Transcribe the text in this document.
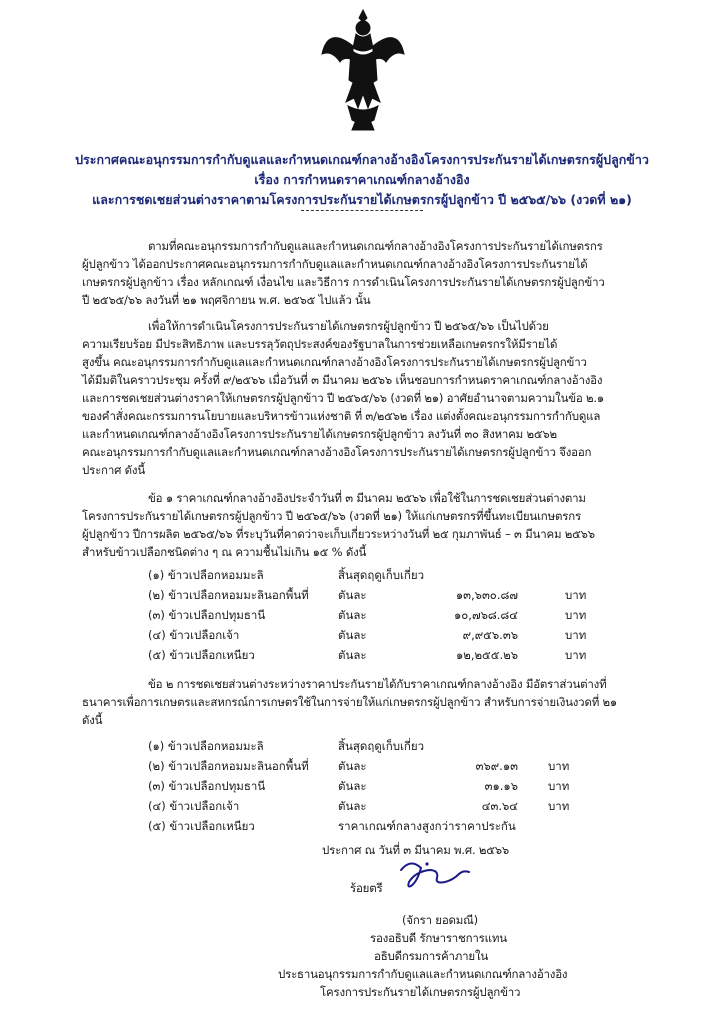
ประกาศคณะอนุกรรมการกำกับดูแลและกำหนดเกณฑ์กลางอ้างอิงโครงการประกันรายได้เกษตรกรผู้ปลูกข้าว
เรื่อง การกำหนดราคาเกณฑ์กลางอ้างอิง
และการชดเชยส่วนต่างราคาตามโครงการประกันรายได้เกษตรกรผู้ปลูกข้าว ปี ๒๕๖๕/๖๖ (งวดที่ ๒๑)
ตามที่คณะอนุกรรมการกำกับดูแลและกำหนดเกณฑ์กลางอ้างอิงโครงการประกันรายได้เกษตรกร
ผู้ปลูกข้าว ได้ออกประกาศคณะอนุกรรมการกำกับดูแลและกำหนดเกณฑ์กลางอ้างอิงโครงการประกันรายได้
เกษตรกรผู้ปลูกข้าว เรื่อง หลักเกณฑ์ เงื่อนไข และวิธีการ การดำเนินโครงการประกันรายได้เกษตรกรผู้ปลูกข้าว
ปี ๒๕๖๕/๖๖ ลงวันที่ ๒๑ พฤศจิกายน พ.ศ. ๒๕๖๕ ไปแล้ว นั้น
เพื่อให้การดำเนินโครงการประกันรายได้เกษตรกรผู้ปลูกข้าว ปี ๒๕๖๕/๖๖ เป็นไปด้วย
ความเรียบร้อย มีประสิทธิภาพ และบรรลุวัตถุประสงค์ของรัฐบาลในการช่วยเหลือเกษตรกรให้มีรายได้
สูงขึ้น คณะอนุกรรมการกำกับดูแลและกำหนดเกณฑ์กลางอ้างอิงโครงการประกันรายได้เกษตรกรผู้ปลูกข้าว
ได้มีมติในคราวประชุม ครั้งที่ ๙/๒๕๖๖ เมื่อวันที่ ๓ มีนาคม ๒๕๖๖ เห็นชอบการกำหนดราคาเกณฑ์กลางอ้างอิง
และการชดเชยส่วนต่างราคาให้เกษตรกรผู้ปลูกข้าว ปี ๒๕๖๕/๖๖ (งวดที่ ๒๑) อาศัยอำนาจตามความในข้อ ๒.๑
ของคำสั่งคณะกรรมการนโยบายและบริหารข้าวแห่งชาติ ที่ ๓/๒๕๖๒ เรื่อง แต่งตั้งคณะอนุกรรมการกำกับดูแล
และกำหนดเกณฑ์กลางอ้างอิงโครงการประกันรายได้เกษตรกรผู้ปลูกข้าว ลงวันที่ ๓๐ สิงหาคม ๒๕๖๒
คณะอนุกรรมการกำกับดูแลและกำหนดเกณฑ์กลางอ้างอิงโครงการประกันรายได้เกษตรกรผู้ปลูกข้าว จึงออก
ประกาศ ดังนี้
ข้อ ๑ ราคาเกณฑ์กลางอ้างอิงประจำวันที่ ๓ มีนาคม ๒๕๖๖ เพื่อใช้ในการชดเชยส่วนต่างตาม
โครงการประกันรายได้เกษตรกรผู้ปลูกข้าว ปี ๒๕๖๕/๖๖ (งวดที่ ๒๑) ให้แก่เกษตรกรที่ขึ้นทะเบียนเกษตรกร
ผู้ปลูกข้าว ปีการผลิต ๒๕๖๕/๖๖ ที่ระบุวันที่คาดว่าจะเก็บเกี่ยวระหว่างวันที่ ๒๕ กุมภาพันธ์ – ๓ มีนาคม ๒๕๖๖
สำหรับข้าวเปลือกชนิดต่าง ๆ ณ ความชื้นไม่เกิน ๑๕ % ดังนี้
(๑) ข้าวเปลือกหอมมะลิ	สิ้นสุดฤดูเก็บเกี่ยว
(๒) ข้าวเปลือกหอมมะลินอกพื้นที่	ตันละ	๑๓,๖๓๐.๘๗	บาท
(๓) ข้าวเปลือกปทุมธานี	ตันละ	๑๐,๗๖๘.๘๔	บาท
(๔) ข้าวเปลือกเจ้า	ตันละ	๙,๙๕๖.๓๖	บาท
(๕) ข้าวเปลือกเหนียว	ตันละ	๑๒,๒๕๕.๒๖	บาท
ข้อ ๒ การชดเชยส่วนต่างระหว่างราคาประกันรายได้กับราคาเกณฑ์กลางอ้างอิง มีอัตราส่วนต่างที่
ธนาคารเพื่อการเกษตรและสหกรณ์การเกษตรใช้ในการจ่ายให้แก่เกษตรกรผู้ปลูกข้าว สำหรับการจ่ายเงินงวดที่ ๒๑
ดังนี้
(๑) ข้าวเปลือกหอมมะลิ	สิ้นสุดฤดูเก็บเกี่ยว
(๒) ข้าวเปลือกหอมมะลินอกพื้นที่	ตันละ	๓๖๙.๑๓	บาท
(๓) ข้าวเปลือกปทุมธานี	ตันละ	๓๑.๑๖	บาท
(๔) ข้าวเปลือกเจ้า	ตันละ	๔๓.๖๔	บาท
(๕) ข้าวเปลือกเหนียว	ราคาเกณฑ์กลางสูงกว่าราคาประกัน
ประกาศ ณ วันที่ ๓ มีนาคม พ.ศ. ๒๕๖๖
ร้อยตรี
(จักรา ยอดมณี)
รองอธิบดี รักษาราชการแทน
อธิบดีกรมการค้าภายใน
ประธานอนุกรรมการกำกับดูแลและกำหนดเกณฑ์กลางอ้างอิง
โครงการประกันรายได้เกษตรกรผู้ปลูกข้าว
